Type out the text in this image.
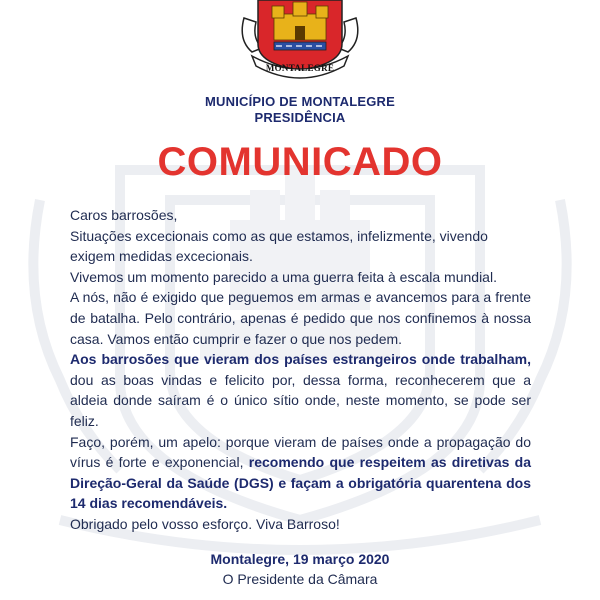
MONTALEGRE
MUNICÍPIO DE MONTALEGRE
PRESIDÊNCIA
COMUNICADO

Caros barrosões,

Situações excecionais como as que estamos, infelizmente, vivendo exigem medidas excecionais.

Vivemos um momento parecido a uma guerra feita à escala mundial.

A nós, não é exigido que peguemos em armas e avancemos para a frente de batalha. Pelo contrário, apenas é pedido que nos confinemos à nossa casa. Vamos então cumprir e fazer o que nos pedem.

Aos barrosões que vieram dos países estrangeiros onde trabalham, dou as boas vindas e felicito por, dessa forma, reconhecerem que a aldeia donde saíram é o único sítio onde, neste momento, se pode ser feliz.

Faço, porém, um apelo: porque vieram de países onde a propagação do vírus é forte e exponencial, recomendo que respeitem as diretivas da Direção-Geral da Saúde (DGS) e façam a obrigatória quarentena dos 14 dias recomendáveis.

Obrigado pelo vosso esforço. Viva Barroso!

Montalegre, 19 março 2020
O Presidente da Câmara
